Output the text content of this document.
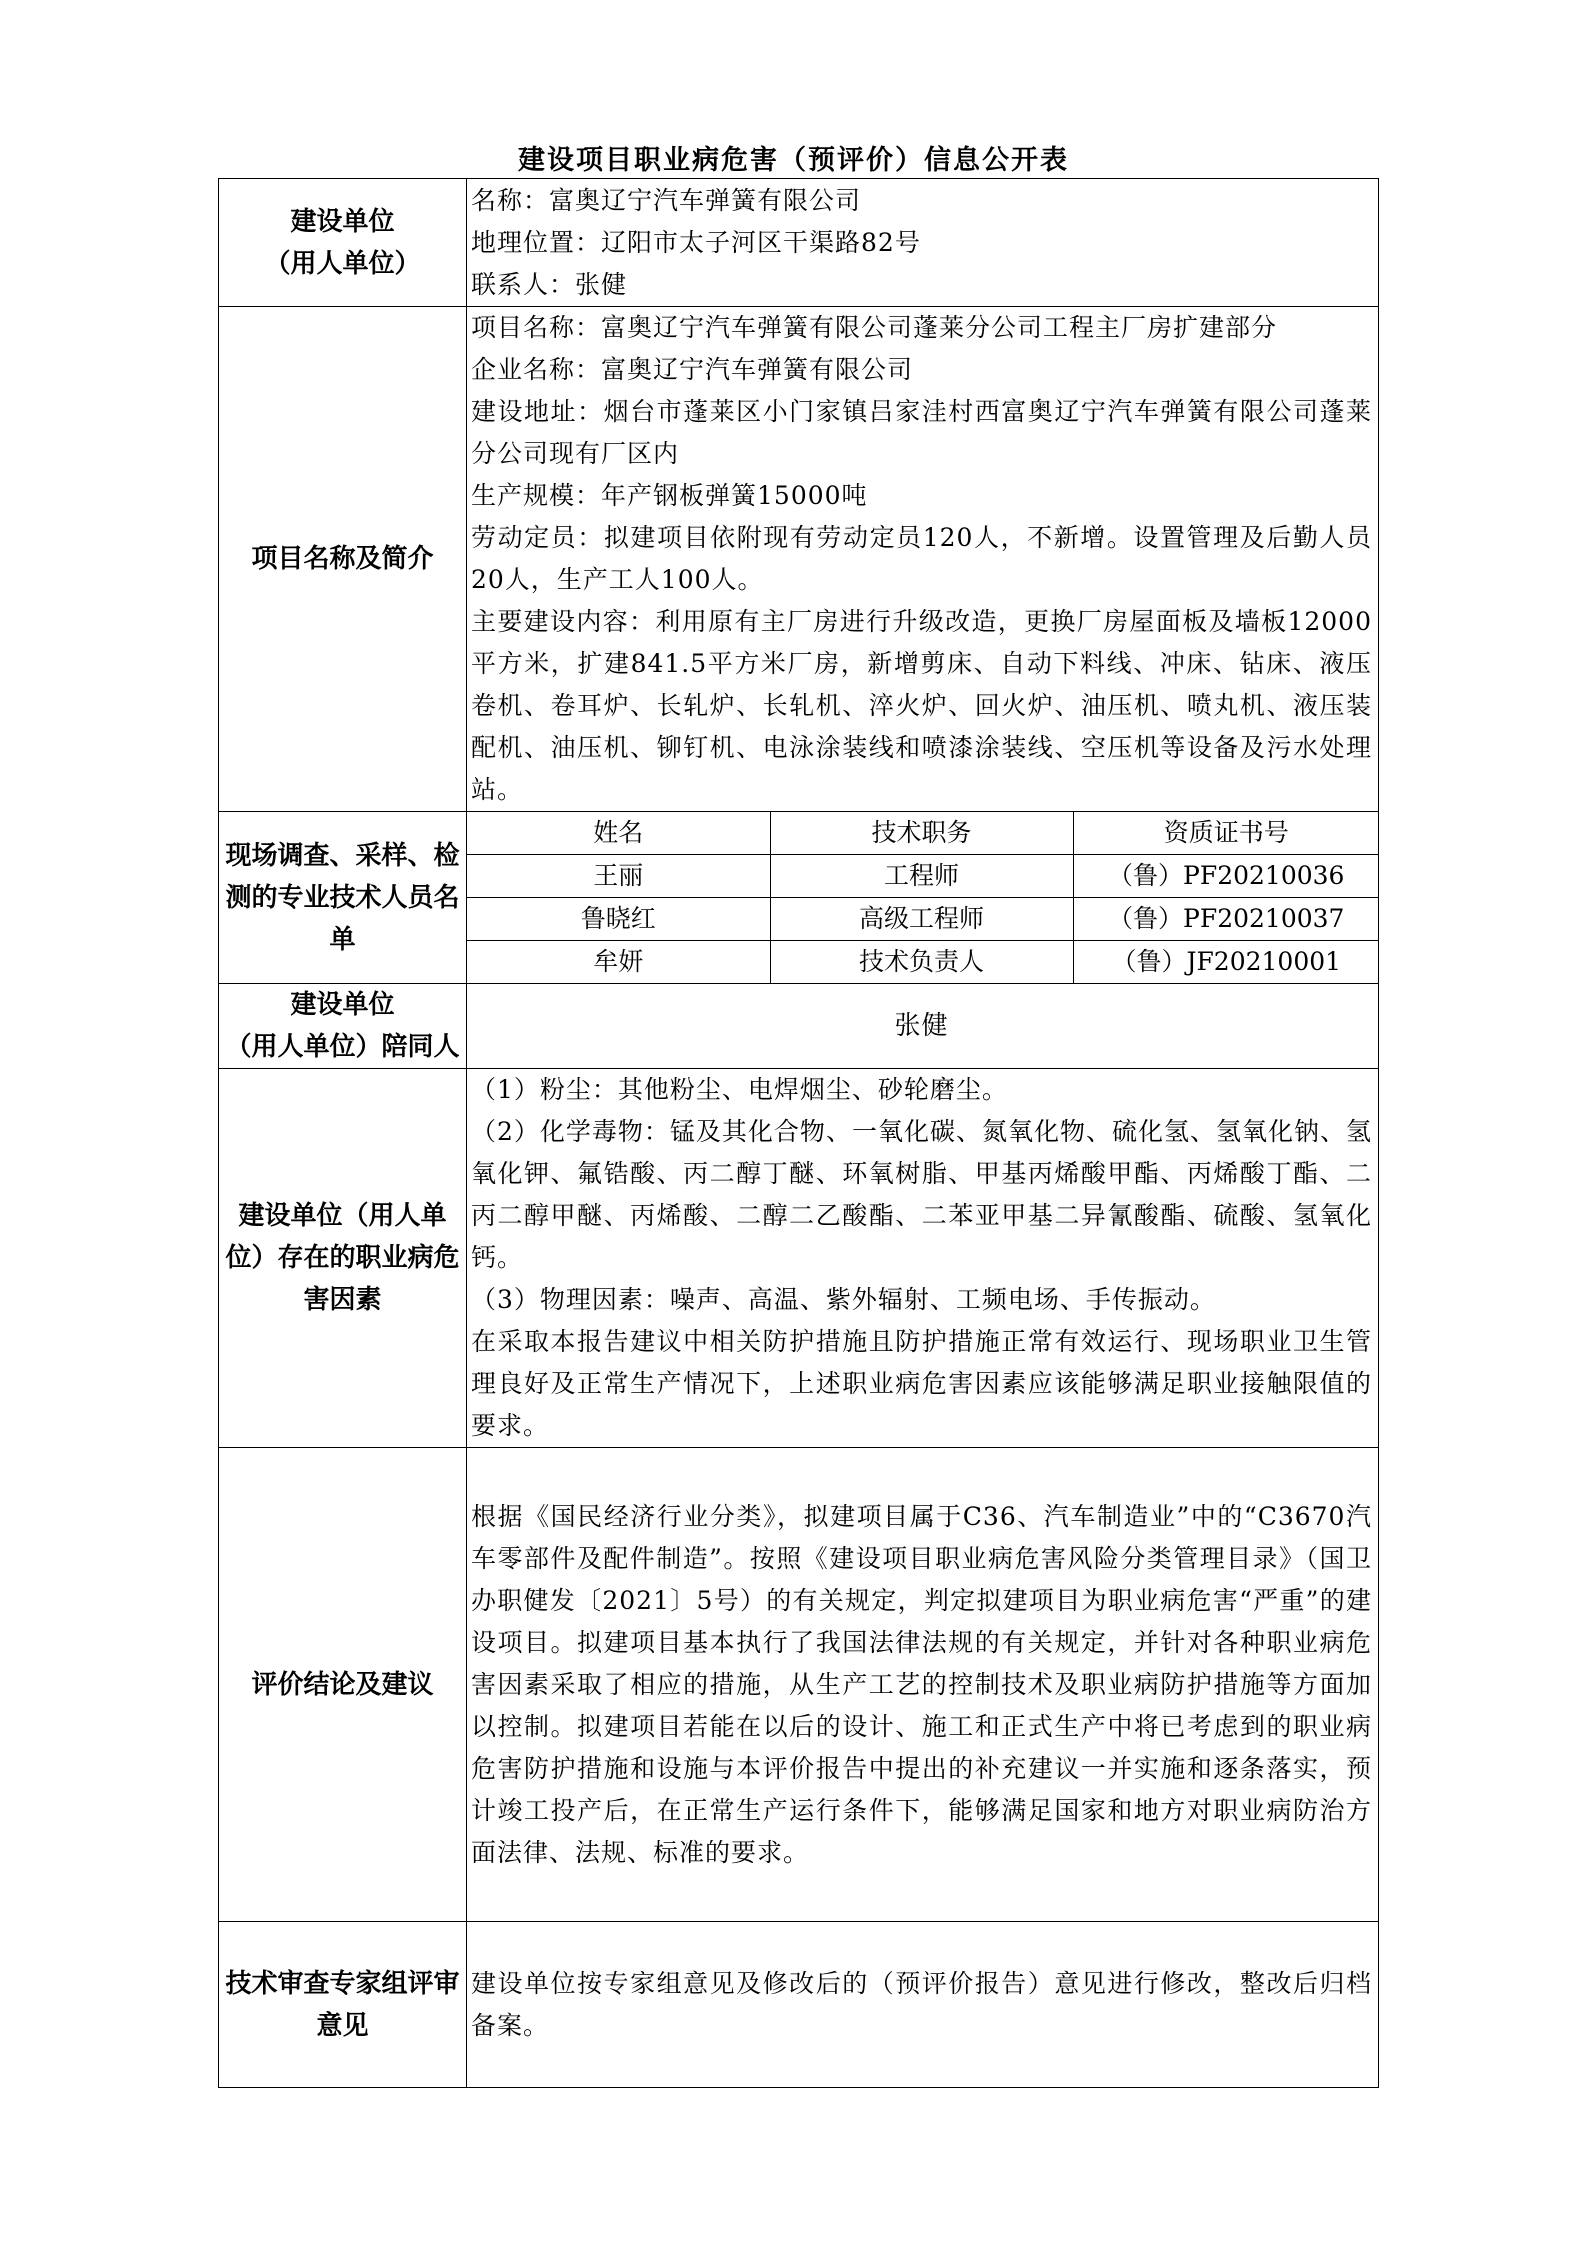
建设项目职业病危害（预评价）信息公开表
建设单位
（用人单位）

名称：富奥辽宁汽车弹簧有限公司
地理位置：辽阳市太子河区干渠路82号
联系人：张健

项目名称及简介	
项目名称：富奥辽宁汽车弹簧有限公司蓬莱分公司工程主厂房扩建部分
企业名称：富奥辽宁汽车弹簧有限公司
建设地址：烟台市蓬莱区小门家镇吕家洼村西富奥辽宁汽车弹簧有限公司蓬莱分公司现有厂区内
生产规模：年产钢板弹簧15000吨
劳动定员：拟建项目依附现有劳动定员120人，不新增。设置管理及后勤人员20人，生产工人100人。
主要建设内容：利用原有主厂房进行升级改造，更换厂房屋面板及墙板12000平方米，扩建841.5平方米厂房，新增剪床、自动下料线、冲床、钻床、液压卷机、卷耳炉、长轧炉、长轧机、淬火炉、回火炉、油压机、喷丸机、液压装配机、油压机、铆钉机、电泳涂装线和喷漆涂装线、空压机等设备及污水处理站。

现场调查、采样、检测的专业技术人员名单	
姓名	技术职务	资质证书号
王丽	工程师	（鲁）PF20210036
鲁晓红	高级工程师	（鲁）PF20210037
牟妍	技术负责人	（鲁）JF20210001

建设单位
（用人单位）陪同人
	张健
建设单位（用人单位）存在的职业病危害因素	
（1）粉尘：其他粉尘、电焊烟尘、砂轮磨尘。
（2）化学毒物：锰及其化合物、一氧化碳、氮氧化物、硫化氢、氢氧化钠、氢氧化钾、氟锆酸、丙二醇丁醚、环氧树脂、甲基丙烯酸甲酯、丙烯酸丁酯、二丙二醇甲醚、丙烯酸、二醇二乙酸酯、二苯亚甲基二异氰酸酯、硫酸、氢氧化钙。
（3）物理因素：噪声、高温、紫外辐射、工频电场、手传振动。
在采取本报告建议中相关防护措施且防护措施正常有效运行、现场职业卫生管理良好及正常生产情况下，上述职业病危害因素应该能够满足职业接触限值的要求。

评价结论及建议	
根据《国民经济行业分类》，拟建项目属于C36、汽车制造业”中的“C3670汽车零部件及配件制造”。按照《建设项目职业病危害风险分类管理目录》（国卫办职健发〔2021〕5号）的有关规定，判定拟建项目为职业病危害“严重”的建设项目。拟建项目基本执行了我国法律法规的有关规定，并针对各种职业病危害因素采取了相应的措施，从生产工艺的控制技术及职业病防护措施等方面加以控制。拟建项目若能在以后的设计、施工和正式生产中将已考虑到的职业病危害防护措施和设施与本评价报告中提出的补充建议一并实施和逐条落实，预计竣工投产后，在正常生产运行条件下，能够满足国家和地方对职业病防治方面法律、法规、标准的要求。

技术审查专家组评审意见	
建设单位按专家组意见及修改后的（预评价报告）意见进行修改，整改后归档备案。
